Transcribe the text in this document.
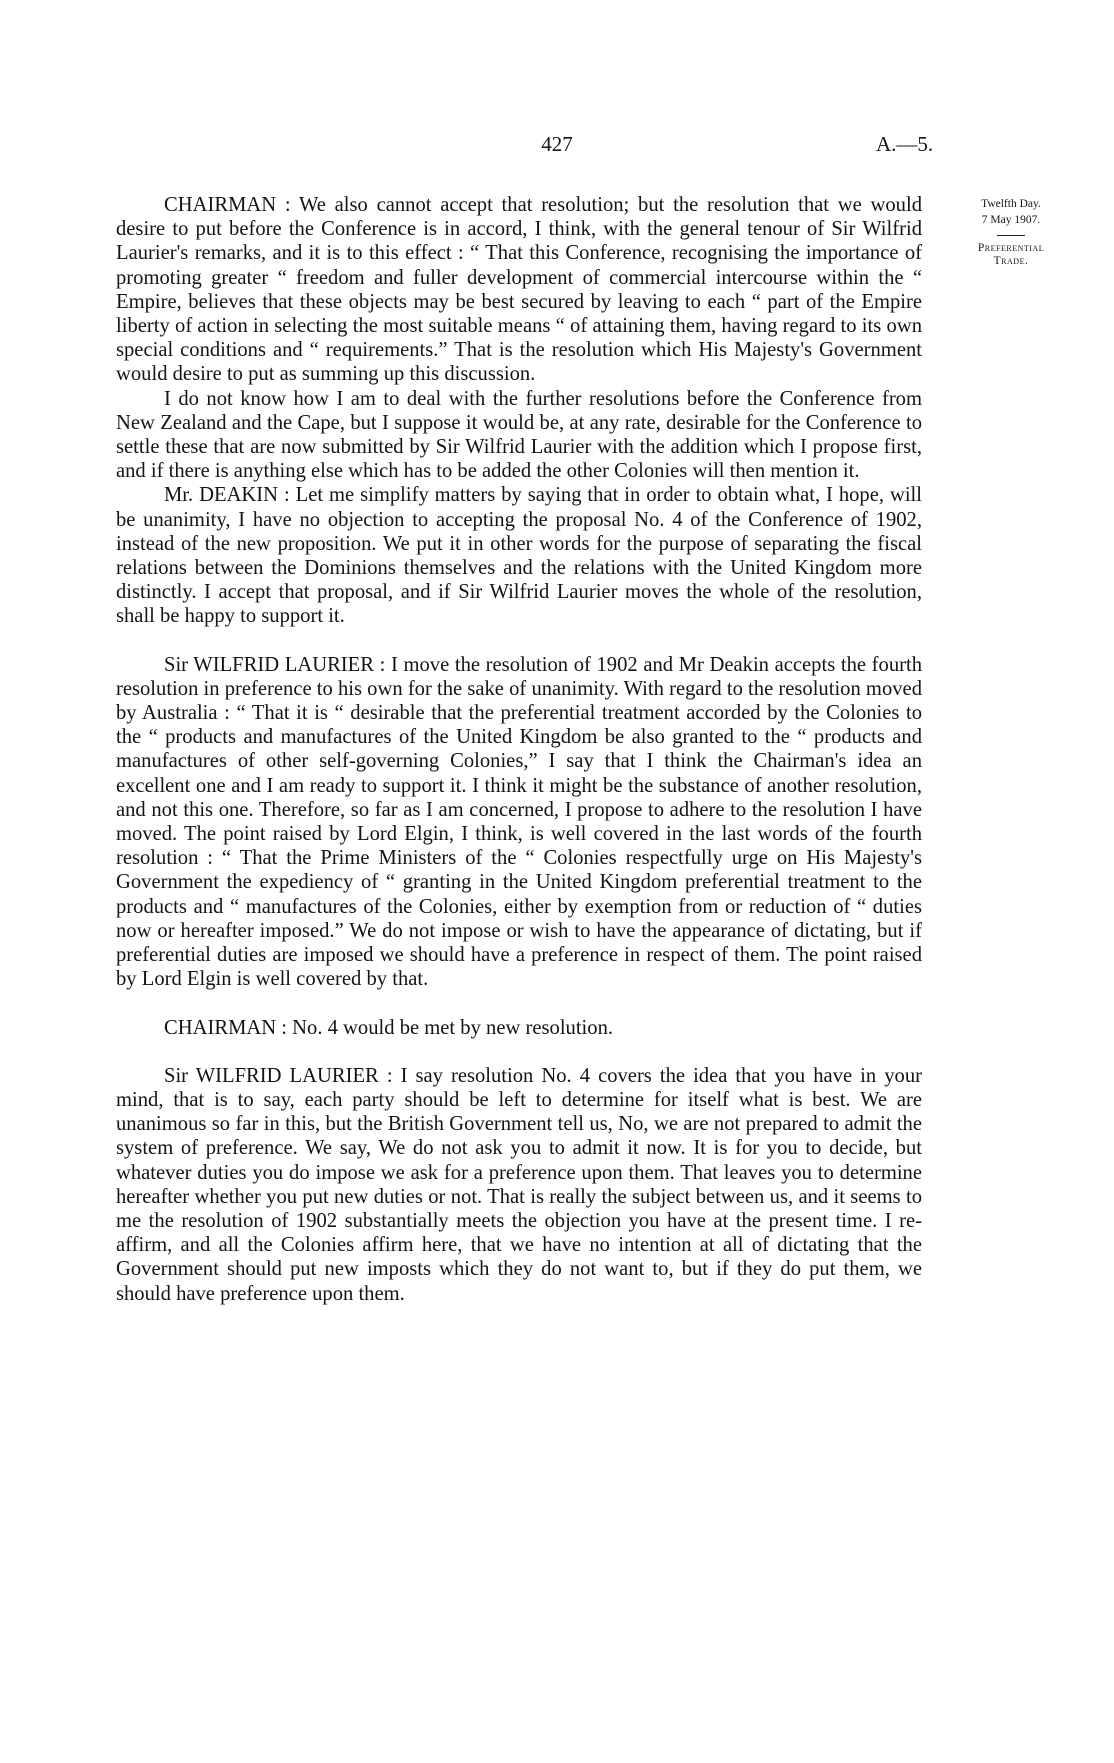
427	A.—5.
Twelfth Day.
7 May 1907.
Preferential
Trade.

CHAIRMAN : We also cannot accept that resolution; but the resolution that we would desire to put before the Conference is in accord, I think, with the general tenour of Sir Wilfrid Laurier's remarks, and it is to this effect : “ That this Conference, recognising the importance of promoting greater “ freedom and fuller development of commercial intercourse within the “ Empire, believes that these objects may be best secured by leaving to each “ part of the Empire liberty of action in selecting the most suitable means “ of attaining them, having regard to its own special conditions and “ requirements.” That is the resolution which His Majesty's Government would desire to put as summing up this discussion.

I do not know how I am to deal with the further resolutions before the Conference from New Zealand and the Cape, but I suppose it would be, at any rate, desirable for the Conference to settle these that are now submitted by Sir Wilfrid Laurier with the addition which I propose first, and if there is anything else which has to be added the other Colonies will then mention it.

Mr. DEAKIN : Let me simplify matters by saying that in order to obtain what, I hope, will be unanimity, I have no objection to accepting the proposal No. 4 of the Conference of 1902, instead of the new proposition. We put it in other words for the purpose of separating the fiscal relations between the Dominions themselves and the relations with the United Kingdom more distinctly. I accept that proposal, and if Sir Wilfrid Laurier moves the whole of the resolution, shall be happy to support it.

Sir WILFRID LAURIER : I move the resolution of 1902 and Mr Deakin accepts the fourth resolution in preference to his own for the sake of unanimity. With regard to the resolution moved by Australia : “ That it is “ desirable that the preferential treatment accorded by the Colonies to the “ products and manufactures of the United Kingdom be also granted to the “ products and manufactures of other self-governing Colonies,” I say that I think the Chairman's idea an excellent one and I am ready to support it. I think it might be the substance of another resolution, and not this one. Therefore, so far as I am concerned, I propose to adhere to the resolution I have moved. The point raised by Lord Elgin, I think, is well covered in the last words of the fourth resolution : “ That the Prime Ministers of the “ Colonies respectfully urge on His Majesty's Government the expediency of “ granting in the United Kingdom preferential treatment to the products and “ manufactures of the Colonies, either by exemption from or reduction of “ duties now or hereafter imposed.” We do not impose or wish to have the appearance of dictating, but if preferential duties are imposed we should have a preference in respect of them. The point raised by Lord Elgin is well covered by that.

CHAIRMAN : No. 4 would be met by new resolution.

Sir WILFRID LAURIER : I say resolution No. 4 covers the idea that you have in your mind, that is to say, each party should be left to determine for itself what is best. We are unanimous so far in this, but the British Government tell us, No, we are not prepared to admit the system of preference. We say, We do not ask you to admit it now. It is for you to decide, but whatever duties you do impose we ask for a preference upon them. That leaves you to determine hereafter whether you put new duties or not. That is really the subject between us, and it seems to me the resolution of 1902 substantially meets the objection you have at the present time. I re-affirm, and all the Colonies affirm here, that we have no intention at all of dictating that the Government should put new imposts which they do not want to, but if they do put them, we should have preference upon them.
